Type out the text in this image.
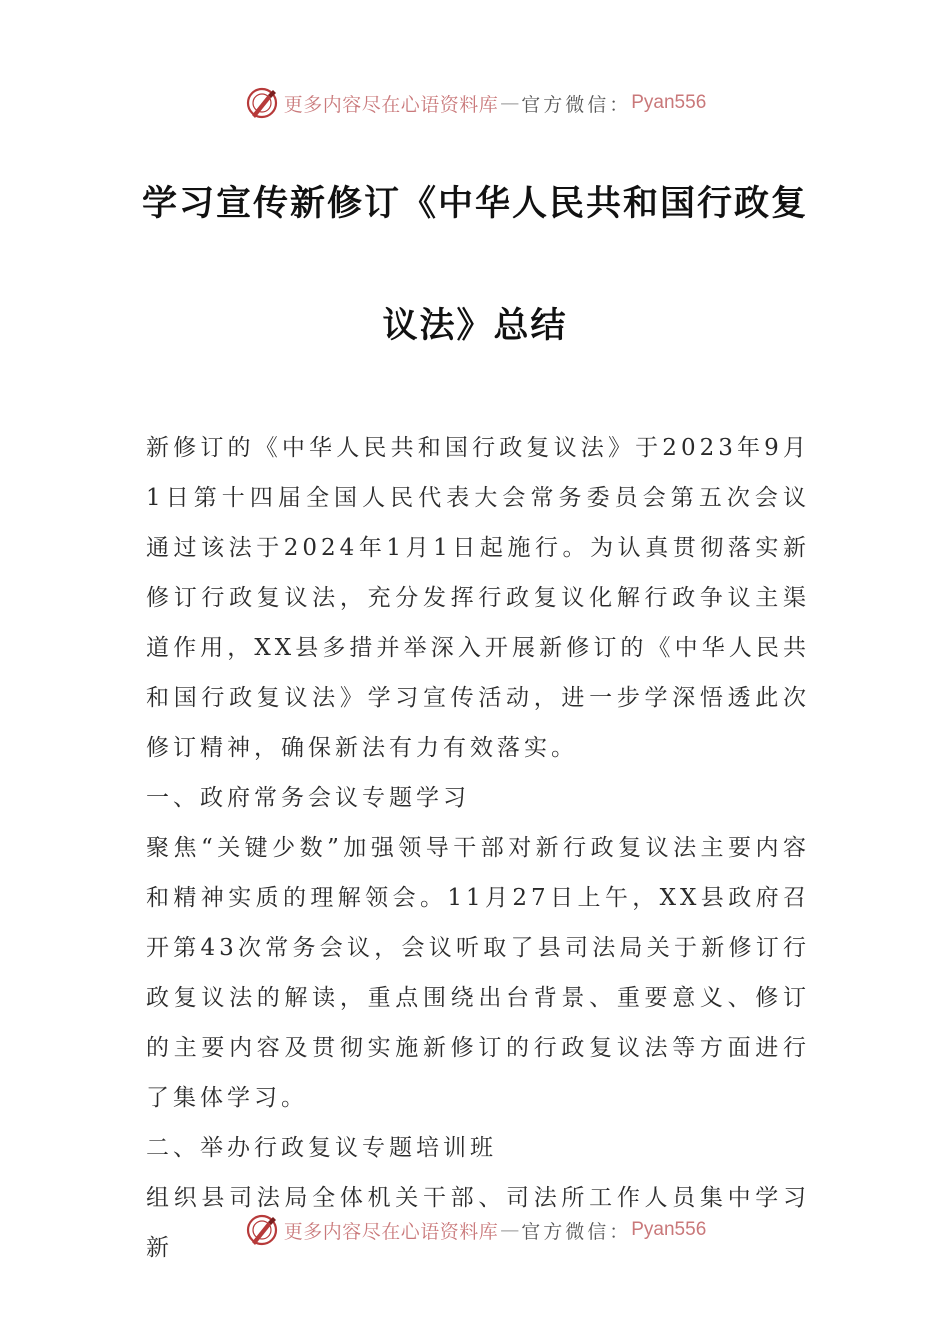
更多内容尽在心语资料库 — 官方微信： Pyan556
学习宣传新修订《中华人民共和国行政复
议法》总结

新修订的《中华人民共和国行政复议法》于2023年9月1日第十四届全国人民代表大会常务委员会第五次会议通过该法于2024年1月1日起施行。为认真贯彻落实新修订行政复议法，充分发挥行政复议化解行政争议主渠道作用，XX县多措并举深入开展新修订的《中华人民共和国行政复议法》学习宣传活动，进一步学深悟透此次修订精神，确保新法有力有效落实。

一、政府常务会议专题学习

聚焦“关键少数”加强领导干部对新行政复议法主要内容和精神实质的理解领会。11月27日上午，XX县政府召开第43次常务会议，会议听取了县司法局关于新修订行政复议法的解读，重点围绕出台背景、重要意义、修订的主要内容及贯彻实施新修订的行政复议法等方面进行了集体学习。

二、举办行政复议专题培训班

组织县司法局全体机关干部、司法所工作人员集中学习新

更多内容尽在心语资料库 — 官方微信： Pyan556
